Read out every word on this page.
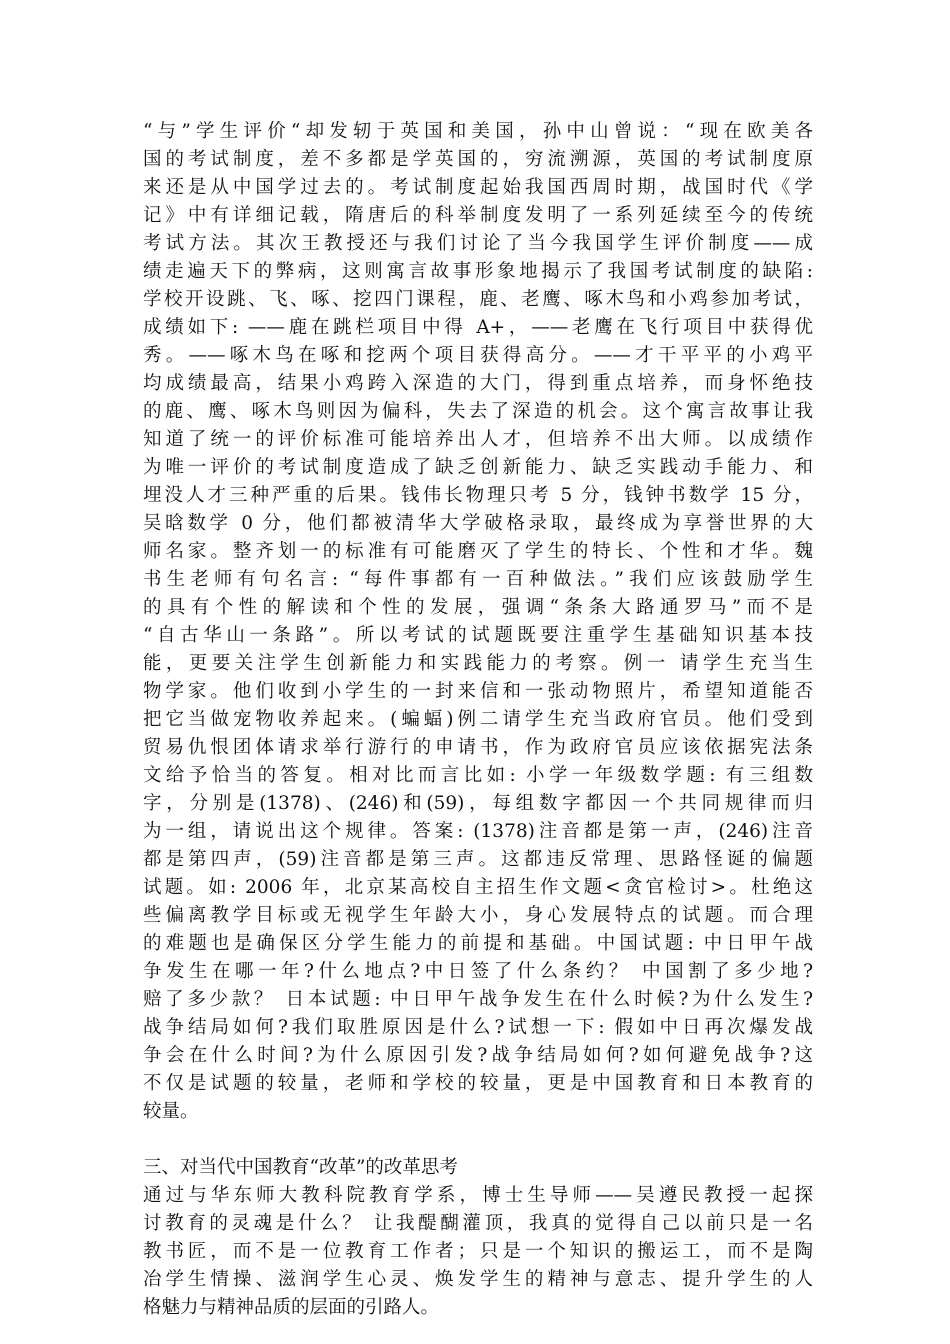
“与”学生评价“却发轫于英国和美国，孙中山曾说：“现在欧美各
国的考试制度，差不多都是学英国的，穷流溯源，英国的考试制度原
来还是从中国学过去的。考试制度起始我国西周时期，战国时代《学
记》中有详细记载，隋唐后的科举制度发明了一系列延续至今的传统
考试方法。其次王教授还与我们讨论了当今我国学生评价制度——成
绩走遍天下的弊病，这则寓言故事形象地揭示了我国考试制度的缺陷:
学校开设跳、飞、啄、挖四门课程，鹿、老鹰、啄木鸟和小鸡参加考试，
成绩如下: ——鹿在跳栏项目中得 A+，——老鹰在飞行项目中获得优
秀。——啄木鸟在啄和挖两个项目获得高分。——才干平平的小鸡平
均成绩最高，结果小鸡跨入深造的大门，得到重点培养，而身怀绝技
的鹿、鹰、啄木鸟则因为偏科，失去了深造的机会。这个寓言故事让我
知道了统一的评价标准可能培养出人才，但培养不出大师。以成绩作
为唯一评价的考试制度造成了缺乏创新能力、缺乏实践动手能力、和
埋没人才三种严重的后果。钱伟长物理只考 5 分，钱钟书数学 15 分，
吴晗数学 0 分，他们都被清华大学破格录取，最终成为享誉世界的大
师名家。整齐划一的标准有可能磨灭了学生的特长、个性和才华。魏
书生老师有句名言: “每件事都有一百种做法。”我们应该鼓励学生
的具有个性的解读和个性的发展，强调“条条大路通罗马”而不是
“自古华山一条路”。所以考试的试题既要注重学生基础知识基本技
能，更要关注学生创新能力和实践能力的考察。例一 请学生充当生
物学家。他们收到小学生的一封来信和一张动物照片，希望知道能否
把它当做宠物收养起来。(蝙蝠)例二请学生充当政府官员。他们受到
贸易仇恨团体请求举行游行的申请书，作为政府官员应该依据宪法条
文给予恰当的答复。相对比而言比如: 小学一年级数学题: 有三组数
字，分别是(1378)、(246)和(59)，每组数字都因一个共同规律而归
为一组，请说出这个规律。答案: (1378)注音都是第一声，(246)注音
都是第四声，(59)注音都是第三声。这都违反常理、思路怪诞的偏题
试题。如: 2006 年，北京某高校自主招生作文题<贪官检讨>。杜绝这
些偏离教学目标或无视学生年龄大小，身心发展特点的试题。而合理
的难题也是确保区分学生能力的前提和基础。中国试题: 中日甲午战
争发生在哪一年?什么地点?中日签了什么条约？ 中国割了多少地?
赔了多少款？ 日本试题: 中日甲午战争发生在什么时候?为什么发生?
战争结局如何?我们取胜原因是什么?试想一下: 假如中日再次爆发战
争会在什么时间?为什么原因引发?战争结局如何?如何避免战争?这
不仅是试题的较量，老师和学校的较量，更是中国教育和日本教育的
较量。
三、对当代中国教育“改革”的改革思考
通过与华东师大教科院教育学系，博士生导师——吴遵民教授一起探
讨教育的灵魂是什么？ 让我醍醐灌顶，我真的觉得自己以前只是一名
教书匠，而不是一位教育工作者；只是一个知识的搬运工，而不是陶
冶学生情操、滋润学生心灵、焕发学生的精神与意志、提升学生的人
格魅力与精神品质的层面的引路人。
